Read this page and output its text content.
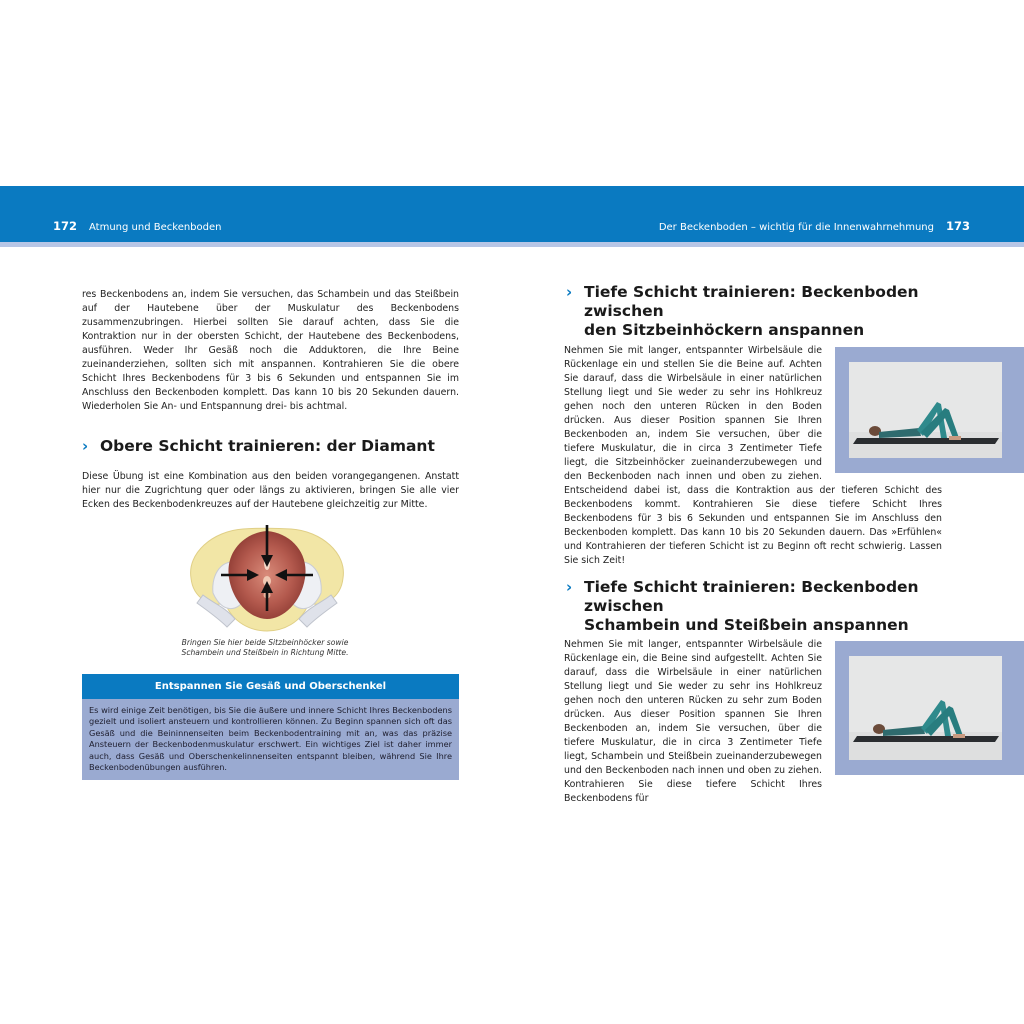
172 Atmung und Beckenboden	Der Beckenboden – wichtig für die Innenwahrnehmung 173

res Beckenbodens an, indem Sie versuchen, das Schambein und das Steißbein auf der Hautebene über der Muskulatur des Beckenbodens zusammenzubringen. Hierbei sollten Sie darauf achten, dass Sie die Kontraktion nur in der obersten Schicht, der Hautebene des Beckenbodens, ausführen. Weder Ihr Gesäß noch die Adduktoren, die Ihre Beine zueinanderziehen, sollten sich mit anspannen. Kontrahieren Sie die obere Schicht Ihres Beckenbodens für 3 bis 6 Sekunden und entspannen Sie im Anschluss den Beckenboden komplett. Das kann 10 bis 20 Sekunden dauern. Wiederholen Sie An- und Entspannung drei- bis achtmal.

› Obere Schicht trainieren: der Diamant

Diese Übung ist eine Kombination aus den beiden vorangegangenen. Anstatt hier nur die Zugrichtung quer oder längs zu aktivieren, bringen Sie alle vier Ecken des Beckenbodenkreuzes auf der Hautebene gleichzeitig zur Mitte.

Bringen Sie hier beide Sitzbeinhöcker sowie
Schambein und Steißbein in Richtung Mitte.
Entspannen Sie Gesäß und Oberschenkel
Es wird einige Zeit benötigen, bis Sie die äußere und innere Schicht Ihres Beckenbodens gezielt und isoliert ansteuern und kontrollieren können. Zu Beginn spannen sich oft das Gesäß und die Beininnenseiten beim Beckenbodentraining mit an, was das präzise Ansteuern der Beckenbodenmuskulatur erschwert. Ein wichtiges Ziel ist daher immer auch, dass Gesäß und Oberschenkelinnenseiten entspannt bleiben, während Sie Ihre Beckenbodenübungen ausführen.
› Tiefe Schicht trainieren: Beckenboden zwischen
den Sitzbeinhöckern anspannen

Nehmen Sie mit langer, entspannter Wirbelsäule die Rückenlage ein und stellen Sie die Beine auf. Achten Sie darauf, dass die Wirbelsäule in einer natürlichen Stellung liegt und Sie weder zu sehr ins Hohlkreuz gehen noch den unteren Rücken in den Boden drücken. Aus dieser Position spannen Sie Ihren Beckenboden an, indem Sie versuchen, über die tiefere Muskulatur, die in circa 3 Zentimeter Tiefe liegt, die Sitzbeinhöcker zueinanderzubewegen und den Beckenboden nach innen und oben zu ziehen. Entscheidend dabei ist, dass die Kontraktion aus der tieferen Schicht des Beckenbodens kommt. Kontrahieren Sie diese tiefere Schicht Ihres Beckenbodens für 3 bis 6 Sekunden und entspannen Sie im Anschluss den Beckenboden komplett. Das kann 10 bis 20 Sekunden dauern. Das »Erfühlen« und Kontrahieren der tieferen Schicht ist zu Beginn oft recht schwierig. Lassen Sie sich Zeit!

› Tiefe Schicht trainieren: Beckenboden zwischen
Schambein und Steißbein anspannen

Nehmen Sie mit langer, entspannter Wirbelsäule die Rückenlage ein, die Beine sind aufgestellt. Achten Sie darauf, dass die Wirbelsäule in einer natürlichen Stellung liegt und Sie weder zu sehr ins Hohlkreuz gehen noch den unteren Rücken zu sehr zum Boden drücken. Aus dieser Position spannen Sie Ihren Beckenboden an, indem Sie versuchen, über die tiefere Muskulatur, die in circa 3 Zentimeter Tiefe liegt, Schambein und Steißbein zueinanderzubewegen und den Beckenboden nach innen und oben zu ziehen. Kontrahieren Sie diese tiefere Schicht Ihres Beckenbodens für
